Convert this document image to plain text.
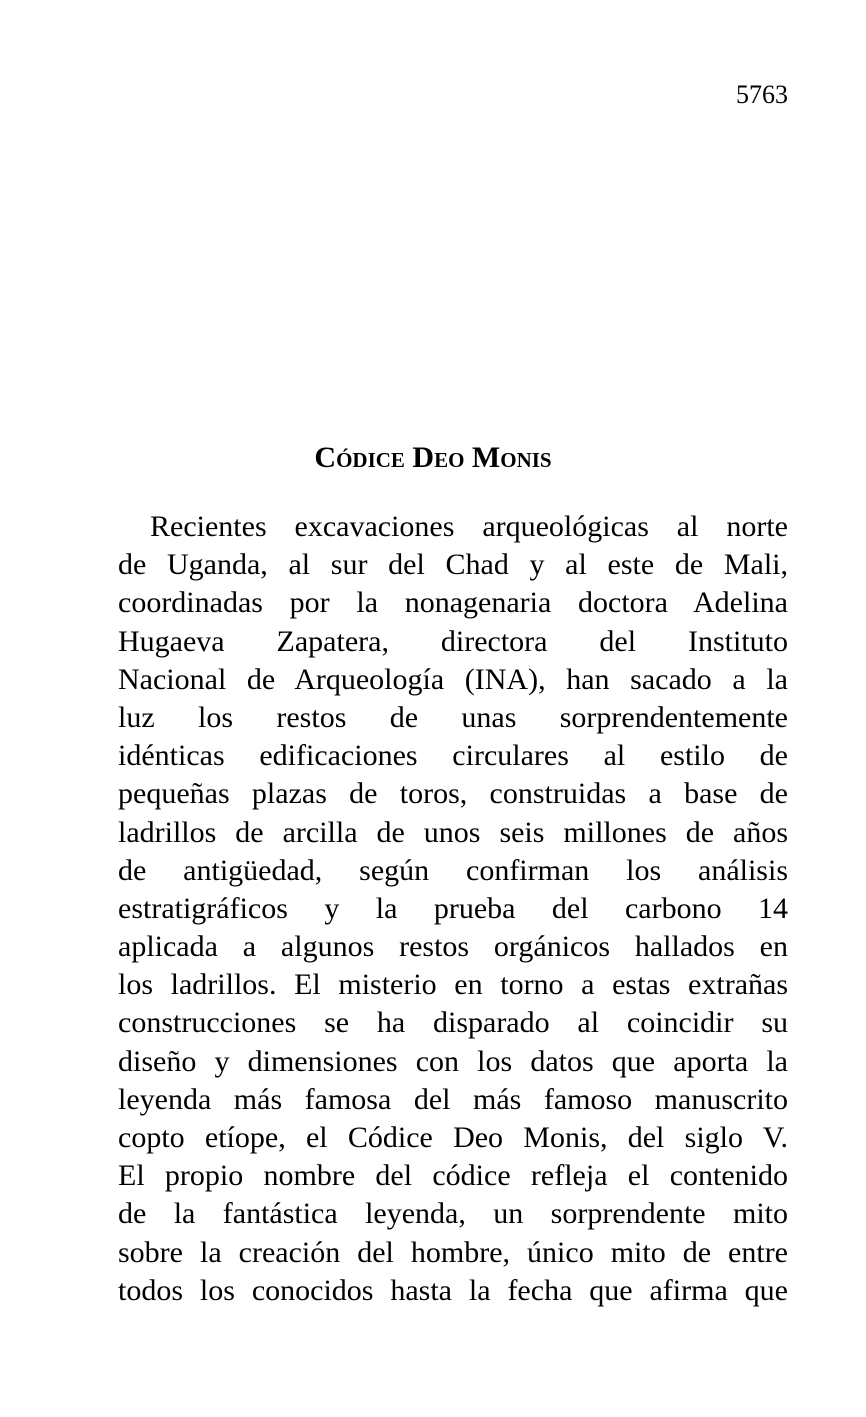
5763
Códice Deo Monis
Recientes excavaciones arqueológicas al norte
de Uganda, al sur del Chad y al este de Mali,
coordinadas por la nonagenaria doctora Adelina
Hugaeva Zapatera, directora del Instituto
Nacional de Arqueología (INA), han sacado a la
luz los restos de unas sorprendentemente
idénticas edificaciones circulares al estilo de
pequeñas plazas de toros, construidas a base de
ladrillos de arcilla de unos seis millones de años
de antigüedad, según confirman los análisis
estratigráficos y la prueba del carbono 14
aplicada a algunos restos orgánicos hallados en
los ladrillos. El misterio en torno a estas extrañas
construcciones se ha disparado al coincidir su
diseño y dimensiones con los datos que aporta la
leyenda más famosa del más famoso manuscrito
copto etíope, el Códice Deo Monis, del siglo V.
El propio nombre del códice refleja el contenido
de la fantástica leyenda, un sorprendente mito
sobre la creación del hombre, único mito de entre
todos los conocidos hasta la fecha que afirma que
